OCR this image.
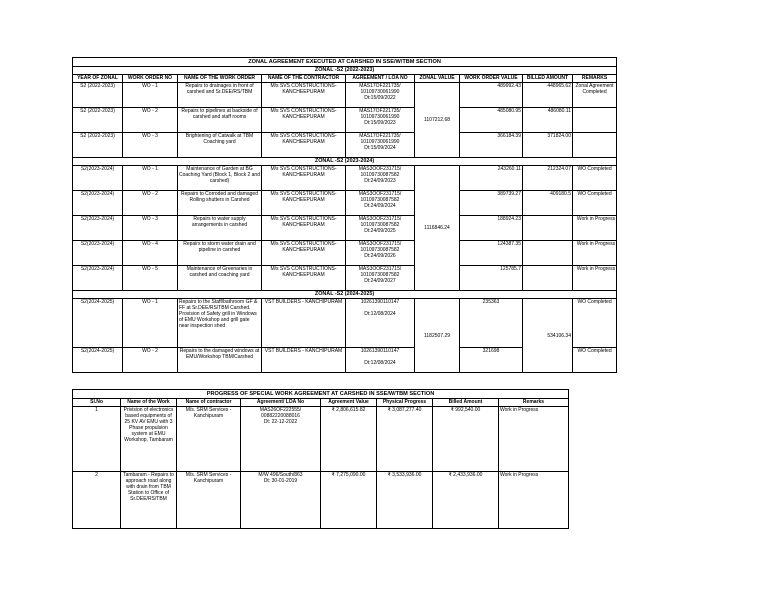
ZONAL AGREEMENT EXECUTED AT CARSHED IN SSE/W/TBM SECTION								
ZONAL -S2 (2022-2023)								
YEAR OF ZONAL	WORK ORDER NO	NAME OF THE WORK ORDER	NAME OF THE CONTRACTOR	AGREEMENT / LOA NO	ZONAL VALUE	WORK ORDER VALUE	BILLED AMOUNT	REMARKS
S2 (2022-2023)	WO - 1	Repairs to drainages in front of carshed and Sr.DEE/RS/TBM	M/s SVS CONSTRUCTIONS-KANCHEEPURAM	MAS17OF221735/
10109730061990
Dt:15/09/2022	1107212.68	489992.43	448965.62	Zonal Agreement Completed
S2 (2022-2023)	WO - 2	Repairs to pipelines at backside of carshed and staff rooms	M/s SVS CONSTRUCTIONS-KANCHEEPURAM	MAS17OF221735/
10109730061990
Dt:15/09/2023		485080.95	486080.11	
S2 (2022-2023)	WO - 3	Brightening of Catwalk at TBM Coaching yard	M/s SVS CONSTRUCTIONS-KANCHEEPURAM	MAS17OF221735/
10109730061990
Dt:15/09/2024		366184.39	371824.00	
ZONAL -S2 (2023-2024)								
S2(2023-2024)	WO - 1	Maintenance of Garden at BG Coaching Yard (Block 1, Block 2 and carshed)	M/s SVS CONSTRUCTIONS-KANCHEEPURAM	MAS3OOF231715/
10109730087582
Dt:24/09/2023	1116846.24	243260.11	212324.07	WO Completed
S2(2023-2024)	WO - 2	Repairs to Corroded and damaged Rolling shutters in Carshed	M/s SVS CONSTRUCTIONS-KANCHEEPURAM	MAS3OOF231715/
10109730087582
Dt:24/09/2024		389739.27	409180.5	WO Completed
S2(2023-2024)	WO - 3	Repairs to water supply arrangements in carshed	M/s SVS CONSTRUCTIONS-KANCHEEPURAM	MAS3OOF231715/
10109730087582
Dt:24/09/2025		188924.23		Work in Progress
S2(2023-2024)	WO - 4	Repairs to storm water drain and pipeline in carshed	M/s SVS CONSTRUCTIONS-KANCHEEPURAM	MAS3OOF231715/
10109730087582
Dt:24/09/2026		124387.35		Work in Progress
S2(2023-2024)	WO - 5	Maintenance of Greenaries in carshed and coaching yard	M/s SVS CONSTRUCTIONS-KANCHEEPURAM	MAS3OOF231715/
10109730087582
Dt:24/09/2027		125785.7		Work in Progress
ZONAL -S2 (2024-2025)								
S2(2024-2025)	WO - 1	Repairs to the Staff/bathroom GF & FF at Sr.DEE/RS/TBM Carshed. Provision of Safety grill in Windows of EMU Workshop and grill gate near inspection shed	VST BUILDERS - KANCHIPURAM	10261390110147

Dt:12/08/2024	1182507.29	235363	534106.34	WO Completed
S2(2024-2025)	WO - 2	Repairs to the damaged windows at EMU/Workshop TBM/Carshed	VST BUILDERS - KANCHIPURAM	10261390110147

Dt:12/08/2024		321698		WO Completed
PROGRESS OF SPECIAL WORK AGREEMENT AT CARSHED IN SSE/W/TBM SECTION							
Sl.No	Name of the Work	Name of contractor	Agreement/ LOA No	Agreement Value	Physical Progress	Billed Amount	Remarks
1	Privision of electronics based equipments of 25 KV AV EMU with 3 Phase propulsion system at EMU Workshop, Tambaram	M/s. SRM Services - Kanchipuram	MAS26OF222555/
00882220088016
Dt: 22-12-2022	₹ 2,806,615.82	₹ 3,087,277.40	₹ 992,540.00	Work in Progress
2	Tambaram - Repairs to approach road along with drain from TBM Station to Office of Sr.DEE/RS/TBM	M/s. SRM Services - Kanchipuram	M/W 496/South/863
Dt: 30-01-2019	₹ 7,275,090.00	₹ 3,533,936.00	₹ 2,433,936.00	Work in Progress
